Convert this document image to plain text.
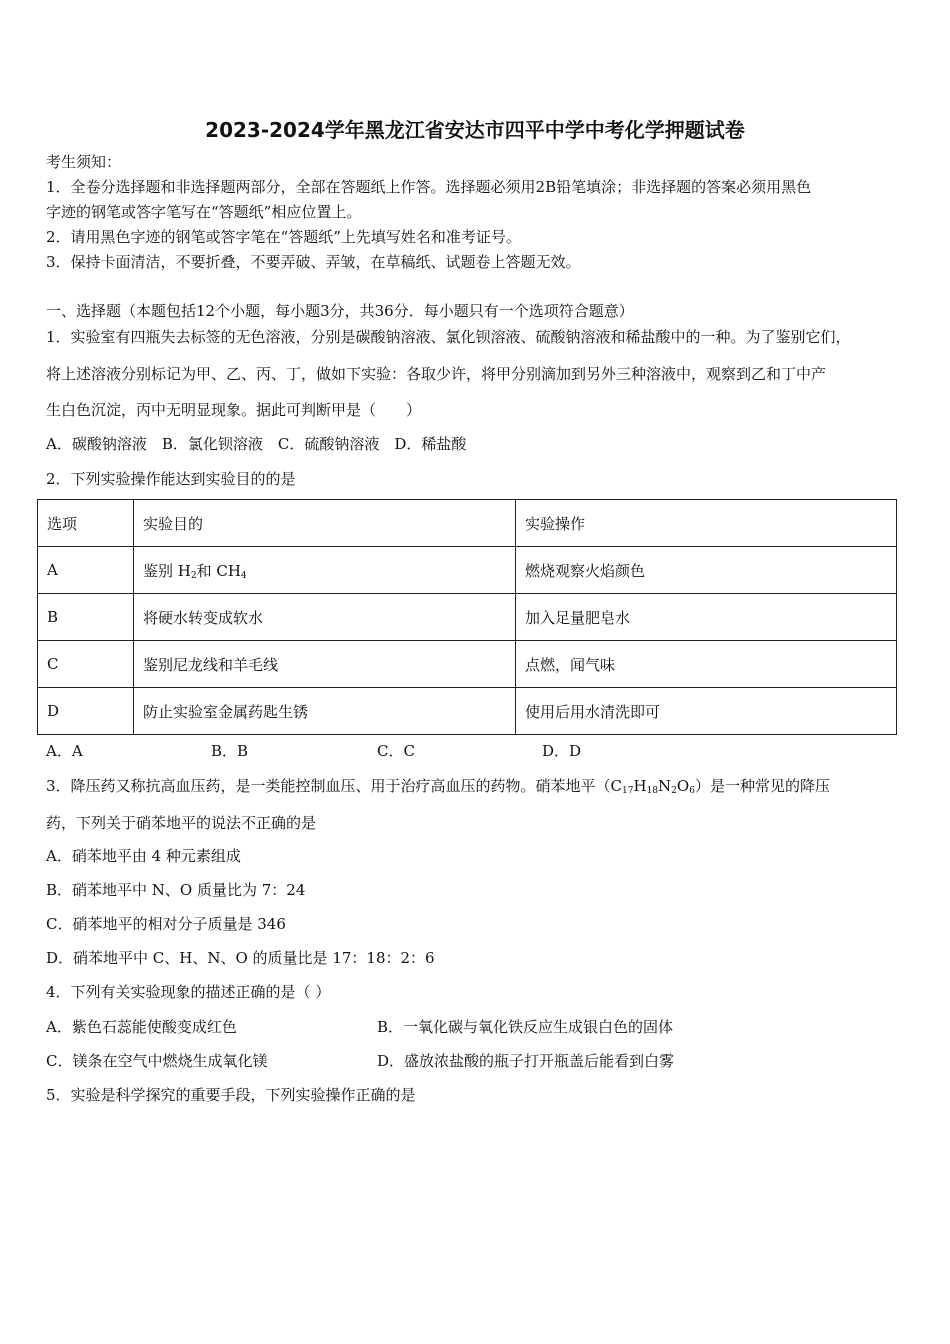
2023-2024学年黑龙江省安达市四平中学中考化学押题试卷
考生须知：
1．全卷分选择题和非选择题两部分，全部在答题纸上作答。选择题必须用2B铅笔填涂；非选择题的答案必须用黑色
字迹的钢笔或答字笔写在“答题纸”相应位置上。
2．请用黑色字迹的钢笔或答字笔在“答题纸”上先填写姓名和准考证号。
3．保持卡面清洁，不要折叠，不要弄破、弄皱，在草稿纸、试题卷上答题无效。
一、选择题（本题包括12个小题，每小题3分，共36分．每小题只有一个选项符合题意）
1．实验室有四瓶失去标签的无色溶液，分别是碳酸钠溶液、氯化钡溶液、硫酸钠溶液和稀盐酸中的一种。为了鉴别它们，
将上述溶液分别标记为甲、乙、丙、丁，做如下实验：各取少许，将甲分别滴加到另外三种溶液中，观察到乙和丁中产
生白色沉淀，丙中无明显现象。据此可判断甲是（　　）
A．碳酸钠溶液　B．氯化钡溶液　C．硫酸钠溶液　D．稀盐酸
2．下列实验操作能达到实验目的的是
选项	实验目的	实验操作
A	鉴别 $H_2$和 $CH_4$	燃烧观察火焰颜色
B	将硬水转变成软水	加入足量肥皂水
C	鉴别尼龙线和羊毛线	点燃，闻气味
D	防止实验室金属药匙生锈	使用后用水清洗即可
A．A	B．B	C．C	D．D
3．降压药又称抗高血压药，是一类能控制血压、用于治疗高血压的药物。硝苯地平$(C_{17}H_{18}N_2O_6)$是一种常见的降压
药，下列关于硝苯地平的说法不正确的是
A．硝苯地平由 4 种元素组成
B．硝苯地平中 N、O 质量比为 7：24
C．硝苯地平的相对分子质量是 346
D．硝苯地平中 C、H、N、O 的质量比是 17：18：2：6
4．下列有关实验现象的描述正确的是（ ）
A．紫色石蕊能使酸变成红色	B．一氧化碳与氧化铁反应生成银白色的固体
C．镁条在空气中燃烧生成氧化镁	D．盛放浓盐酸的瓶子打开瓶盖后能看到白雾
5．实验是科学探究的重要手段，下列实验操作正确的是
